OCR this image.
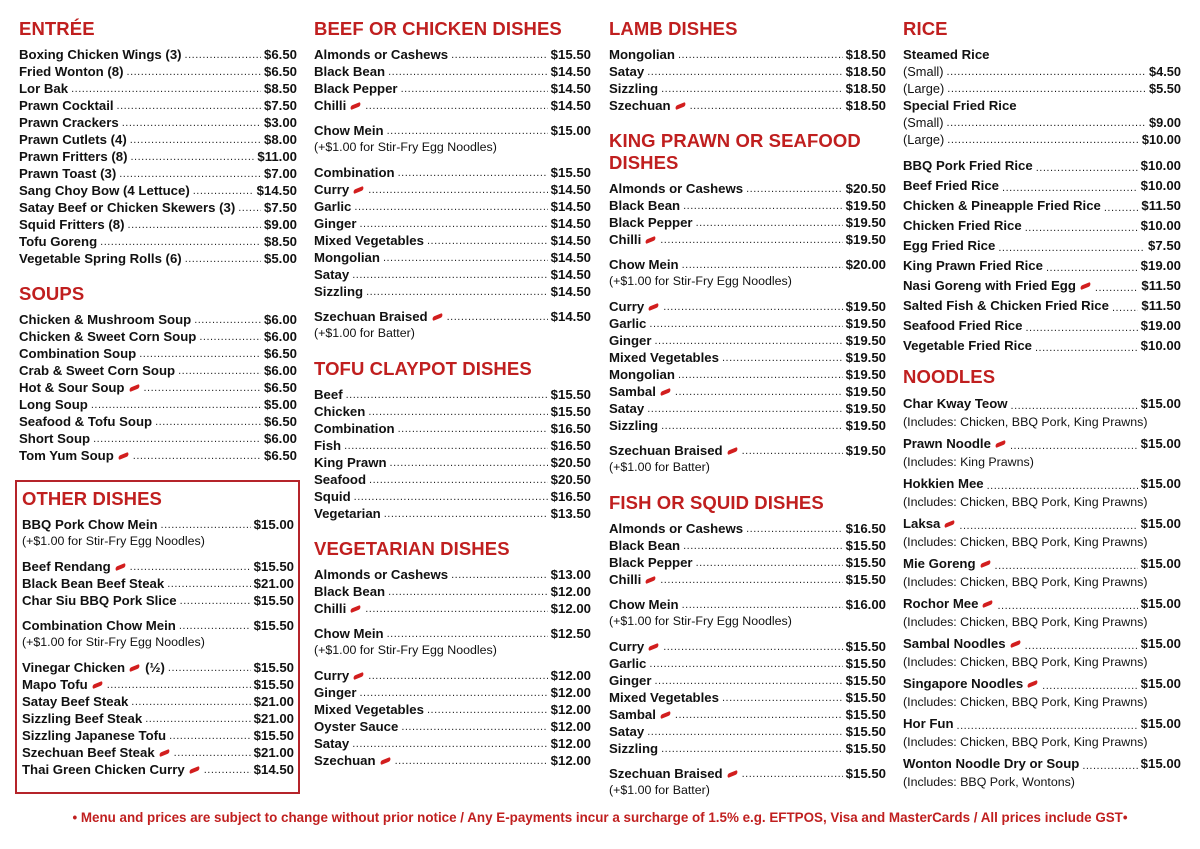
ENTRÉE
Boxing Chicken Wings (3) .....	$6.50
Fried Wonton (8) .....	$6.50
Lor Bak .....	$8.50
Prawn Cocktail .....	$7.50
Prawn Crackers .....	$3.00
Prawn Cutlets (4) .....	$8.00
Prawn Fritters (8) .....	$11.00
Prawn Toast (3) .....	$7.00
Sang Choy Bow (4 Lettuce) .....	$14.50
Satay Beef or Chicken Skewers (3) ..... $7.50
Squid Fritters (8) .....	$9.00
Tofu Goreng .....	$8.50
Vegetable Spring Rolls (6) .....	$5.00
SOUPS
Chicken & Mushroom Soup .....	$6.00
Chicken & Sweet Corn Soup .....	$6.00
Combination Soup .....	$6.50
Crab & Sweet Corn Soup .....	$6.00
Hot & Sour Soup .....	$6.50
Long Soup .....	$5.00
Seafood & Tofu Soup .....	$6.50
Short Soup .....	$6.00
Tom Yum Soup .....	$6.50
OTHER DISHES
BBQ Pork Chow Mein .....	$15.00
(+$1.00 for Stir-Fry Egg Noodles)
Beef Rendang .....	$15.50
Black Bean Beef Steak .....	$21.00
Char Siu BBQ Pork Slice .....	$15.50
Combination Chow Mein .....	$15.50
(+$1.00 for Stir-Fry Egg Noodles)
Vinegar Chicken (½) .....	$15.50
Mapo Tofu .....	$15.50
Satay Beef Steak .....	$21.00
Sizzling Beef Steak .....	$21.00
Sizzling Japanese Tofu .....	$15.50
Szechuan Beef Steak .....	$21.00
Thai Green Chicken Curry .....	$14.50
BEEF OR CHICKEN DISHES
Almonds or Cashews .....	$15.50
Black Bean .....	$14.50
Black Pepper .....	$14.50
Chilli .....	$14.50
Chow Mein .....	$15.00
(+$1.00 for Stir-Fry Egg Noodles)
Combination .....	$15.50
Curry .....	$14.50
Garlic .....	$14.50
Ginger .....	$14.50
Mixed Vegetables .....	$14.50
Mongolian .....	$14.50
Satay .....	$14.50
Sizzling .....	$14.50
Szechuan Braised .....	$14.50
(+$1.00 for Batter)
TOFU CLAYPOT DISHES
Beef .....	$15.50
Chicken .....	$15.50
Combination .....	$16.50
Fish .....	$16.50
King Prawn .....	$20.50
Seafood .....	$20.50
Squid .....	$16.50
Vegetarian .....	$13.50
VEGETARIAN DISHES
Almonds or Cashews .....	$13.00
Black Bean .....	$12.00
Chilli .....	$12.00
Chow Mein .....	$12.50
(+$1.00 for Stir-Fry Egg Noodles)
Curry .....	$12.00
Ginger .....	$12.00
Mixed Vegetables .....	$12.00
Oyster Sauce .....	$12.00
Satay .....	$12.00
Szechuan .....	$12.00
LAMB DISHES
Mongolian .....	$18.50
Satay .....	$18.50
Sizzling .....	$18.50
Szechuan .....	$18.50
KING PRAWN OR SEAFOOD
DISHES
Almonds or Cashews .....	$20.50
Black Bean .....	$19.50
Black Pepper .....	$19.50
Chilli .....	$19.50
Chow Mein .....	$20.00
(+$1.00 for Stir-Fry Egg Noodles)
Curry .....	$19.50
Garlic .....	$19.50
Ginger .....	$19.50
Mixed Vegetables .....	$19.50
Mongolian .....	$19.50
Sambal .....	$19.50
Satay .....	$19.50
Sizzling .....	$19.50
Szechuan Braised .....	$19.50
(+$1.00 for Batter)
FISH OR SQUID DISHES
Almonds or Cashews .....	$16.50
Black Bean .....	$15.50
Black Pepper .....	$15.50
Chilli .....	$15.50
Chow Mein .....	$16.00
(+$1.00 for Stir-Fry Egg Noodles)
Curry .....	$15.50
Garlic .....	$15.50
Ginger .....	$15.50
Mixed Vegetables .....	$15.50
Sambal .....	$15.50
Satay .....	$15.50
Sizzling .....	$15.50
Szechuan Braised .....	$15.50
(+$1.00 for Batter)
RICE
Steamed Rice
(Small) .....	$4.50
(Large) .....	$5.50
Special Fried Rice
(Small) .....	$9.00
(Large) .....	$10.00
BBQ Pork Fried Rice .....	$10.00
Beef Fried Rice .....	$10.00
Chicken & Pineapple Fried Rice .....	$11.50
Chicken Fried Rice .....	$10.00
Egg Fried Rice .....	$7.50
King Prawn Fried Rice .....	$19.00
Nasi Goreng with Fried Egg .....	$11.50
Salted Fish & Chicken Fried Rice ..... $11.50
Seafood Fried Rice .....	$19.00
Vegetable Fried Rice .....	$10.00
NOODLES
Char Kway Teow .....	$15.00
(Includes: Chicken, BBQ Pork, King Prawns)
Prawn Noodle .....	$15.00
(Includes: King Prawns)
Hokkien Mee .....	$15.00
(Includes: Chicken, BBQ Pork, King Prawns)
Laksa .....	$15.00
(Includes: Chicken, BBQ Pork, King Prawns)
Mie Goreng .....	$15.00
(Includes: Chicken, BBQ Pork, King Prawns)
Rochor Mee .....	$15.00
(Includes: Chicken, BBQ Pork, King Prawns)
Sambal Noodles .....	$15.00
(Includes: Chicken, BBQ Pork, King Prawns)
Singapore Noodles .....	$15.00
(Includes: Chicken, BBQ Pork, King Prawns)
Hor Fun .....	$15.00
(Includes: Chicken, BBQ Pork, King Prawns)
Wonton Noodle Dry or Soup .....	$15.00
(Includes: BBQ Pork, Wontons)
• Menu and prices are subject to change without prior notice / Any E-payments incur a surcharge of 1.5% e.g. EFTPOS, Visa and MasterCards / All prices include GST•
